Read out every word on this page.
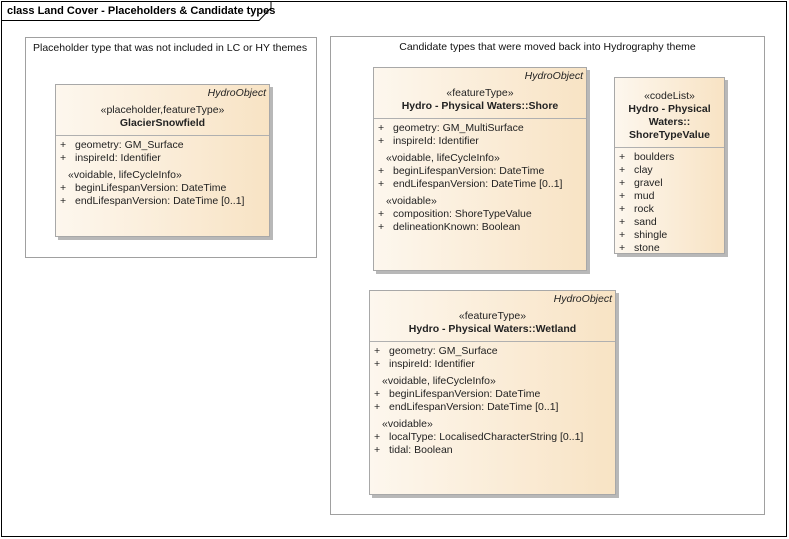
class Land Cover - Placeholders & Candidate types
Placeholder type that was not included in LC or HY themes	Candidate types that were moved back into Hydrography theme
HydroObject
«placeholder,featureType»
GlacierSnowfield
+ geometry: GM_Surface
+ inspireId: Identifier
«voidable, lifeCycleInfo»
+ beginLifespanVersion: DateTime
+ endLifespanVersion: DateTime [0..1]
HydroObject
«featureType»
Hydro - Physical Waters::Shore
+ geometry: GM_MultiSurface
+ inspireId: Identifier
«voidable, lifeCycleInfo»
+ beginLifespanVersion: DateTime
+ endLifespanVersion: DateTime [0..1]
«voidable»
+ composition: ShoreTypeValue
+ delineationKnown: Boolean
«codeList»
Hydro - Physical
Waters::
ShoreTypeValue
+ boulders
+ clay
+ gravel
+ mud
+ rock
+ sand
+ shingle
+ stone
HydroObject
«featureType»
Hydro - Physical Waters::Wetland
+ geometry: GM_Surface
+ inspireId: Identifier
«voidable, lifeCycleInfo»
+ beginLifespanVersion: DateTime
+ endLifespanVersion: DateTime [0..1]
«voidable»
+ localType: LocalisedCharacterString [0..1]
+ tidal: Boolean
